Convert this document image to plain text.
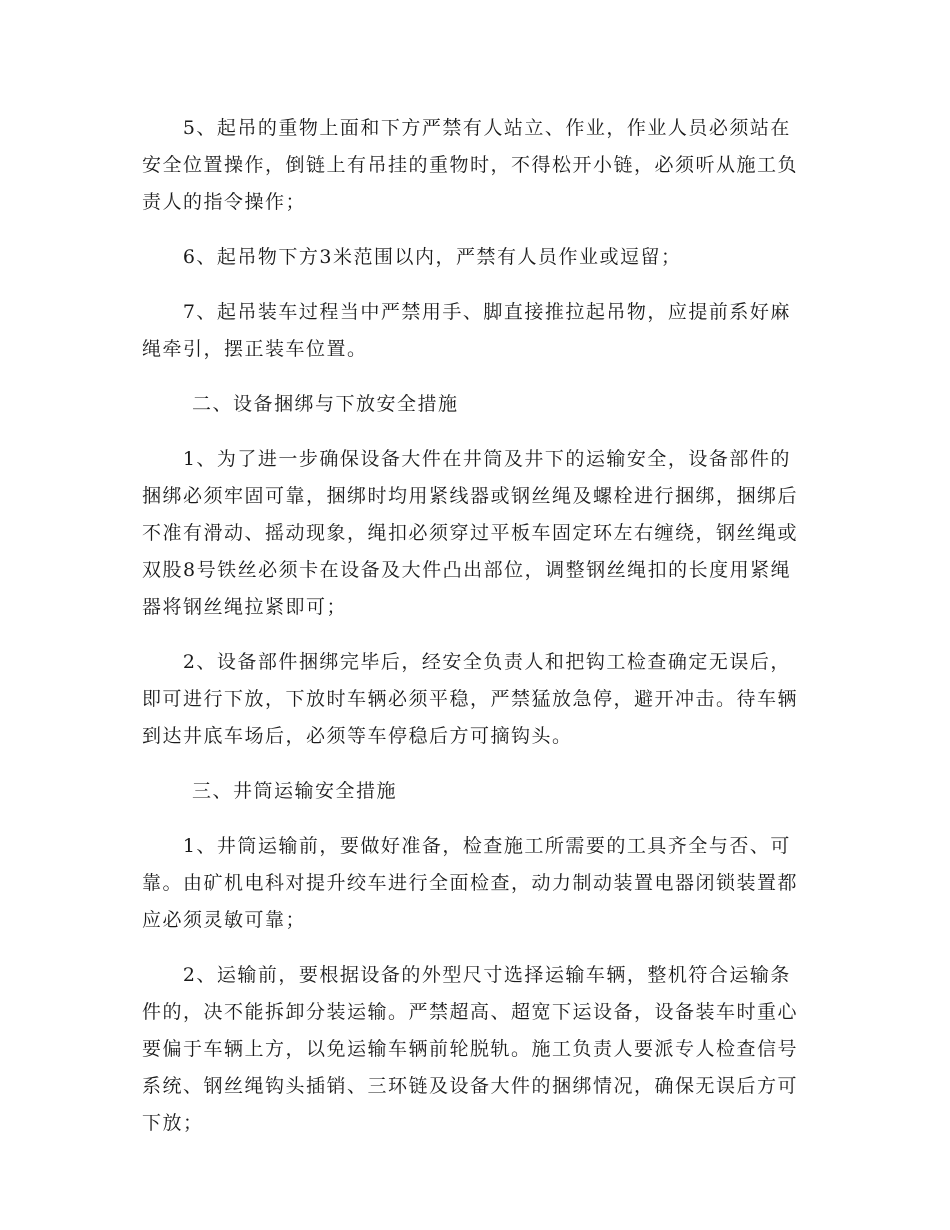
5、起吊的重物上面和下方严禁有人站立、作业，作业人员必须站在安全位置操作，倒链上有吊挂的重物时，不得松开小链，必须听从施工负责人的指令操作；

6、起吊物下方3米范围以内，严禁有人员作业或逗留；

7、起吊装车过程当中严禁用手、脚直接推拉起吊物，应提前系好麻绳牵引，摆正装车位置。

二、设备捆绑与下放安全措施

1、为了进一步确保设备大件在井筒及井下的运输安全，设备部件的捆绑必须牢固可靠，捆绑时均用紧线器或钢丝绳及螺栓进行捆绑，捆绑后不准有滑动、摇动现象，绳扣必须穿过平板车固定环左右缠绕，钢丝绳或双股8号铁丝必须卡在设备及大件凸出部位，调整钢丝绳扣的长度用紧绳器将钢丝绳拉紧即可；

2、设备部件捆绑完毕后，经安全负责人和把钩工检查确定无误后，即可进行下放，下放时车辆必须平稳，严禁猛放急停，避开冲击。待车辆到达井底车场后，必须等车停稳后方可摘钩头。

三、井筒运输安全措施

1、井筒运输前，要做好准备，检查施工所需要的工具齐全与否、可靠。由矿机电科对提升绞车进行全面检查，动力制动装置电器闭锁装置都应必须灵敏可靠；

2、运输前，要根据设备的外型尺寸选择运输车辆，整机符合运输条件的，决不能拆卸分装运输。严禁超高、超宽下运设备，设备装车时重心要偏于车辆上方，以免运输车辆前轮脱轨。施工负责人要派专人检查信号系统、钢丝绳钩头插销、三环链及设备大件的捆绑情况，确保无误后方可下放；
